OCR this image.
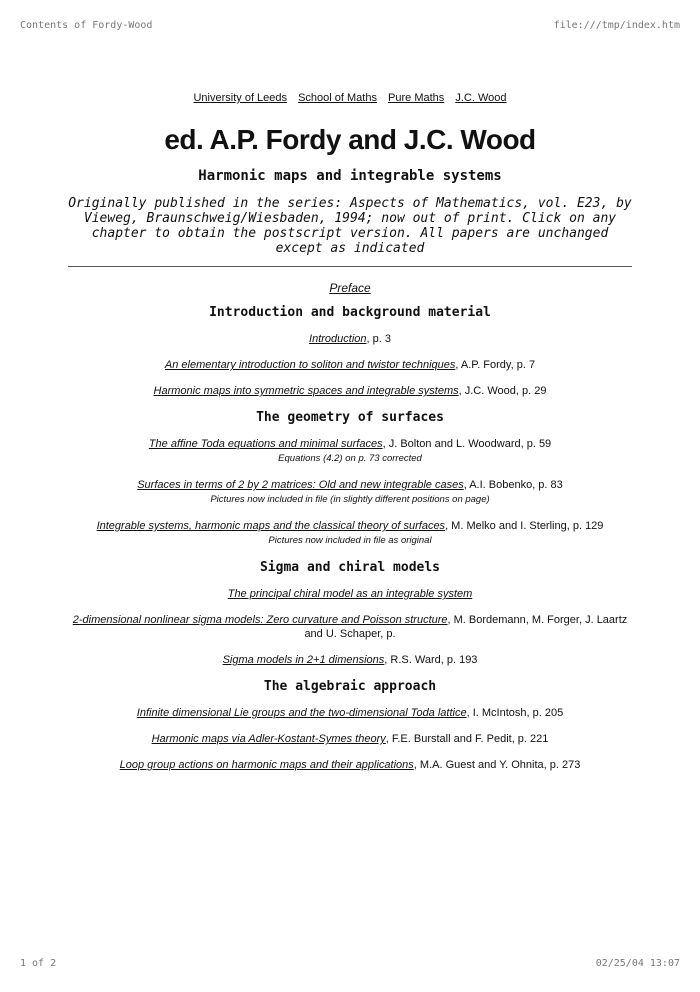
Contents of Fordy-Wood	file:///tmp/index.htm
University of Leeds School of Maths Pure Maths J.C. Wood
ed. A.P. Fordy and J.C. Wood
Harmonic maps and integrable systems
Originally published in the series: Aspects of Mathematics, vol. E23, by Vieweg, Braunschweig/Wiesbaden, 1994; now out of print. Click on any chapter to obtain the postscript version. All papers are unchanged except as indicated
Preface
Introduction and background material
Introduction, p. 3
An elementary introduction to soliton and twistor techniques, A.P. Fordy, p. 7
Harmonic maps into symmetric spaces and integrable systems, J.C. Wood, p. 29
The geometry of surfaces
The affine Toda equations and minimal surfaces, J. Bolton and L. Woodward, p. 59
Equations (4.2) on p. 73 corrected
Surfaces in terms of 2 by 2 matrices: Old and new integrable cases, A.I. Bobenko, p. 83
Pictures now included in file (in slightly different positions on page)
Integrable systems, harmonic maps and the classical theory of surfaces, M. Melko and I. Sterling, p. 129
Pictures now included in file as original
Sigma and chiral models
The principal chiral model as an integrable system
2-dimensional nonlinear sigma models: Zero curvature and Poisson structure, M. Bordemann, M. Forger, J. Laartz and U. Schaper, p.
Sigma models in 2+1 dimensions, R.S. Ward, p. 193
The algebraic approach
Infinite dimensional Lie groups and the two-dimensional Toda lattice, I. McIntosh, p. 205
Harmonic maps via Adler-Kostant-Symes theory, F.E. Burstall and F. Pedit, p. 221
Loop group actions on harmonic maps and their applications, M.A. Guest and Y. Ohnita, p. 273
1 of 2	02/25/04 13:07
